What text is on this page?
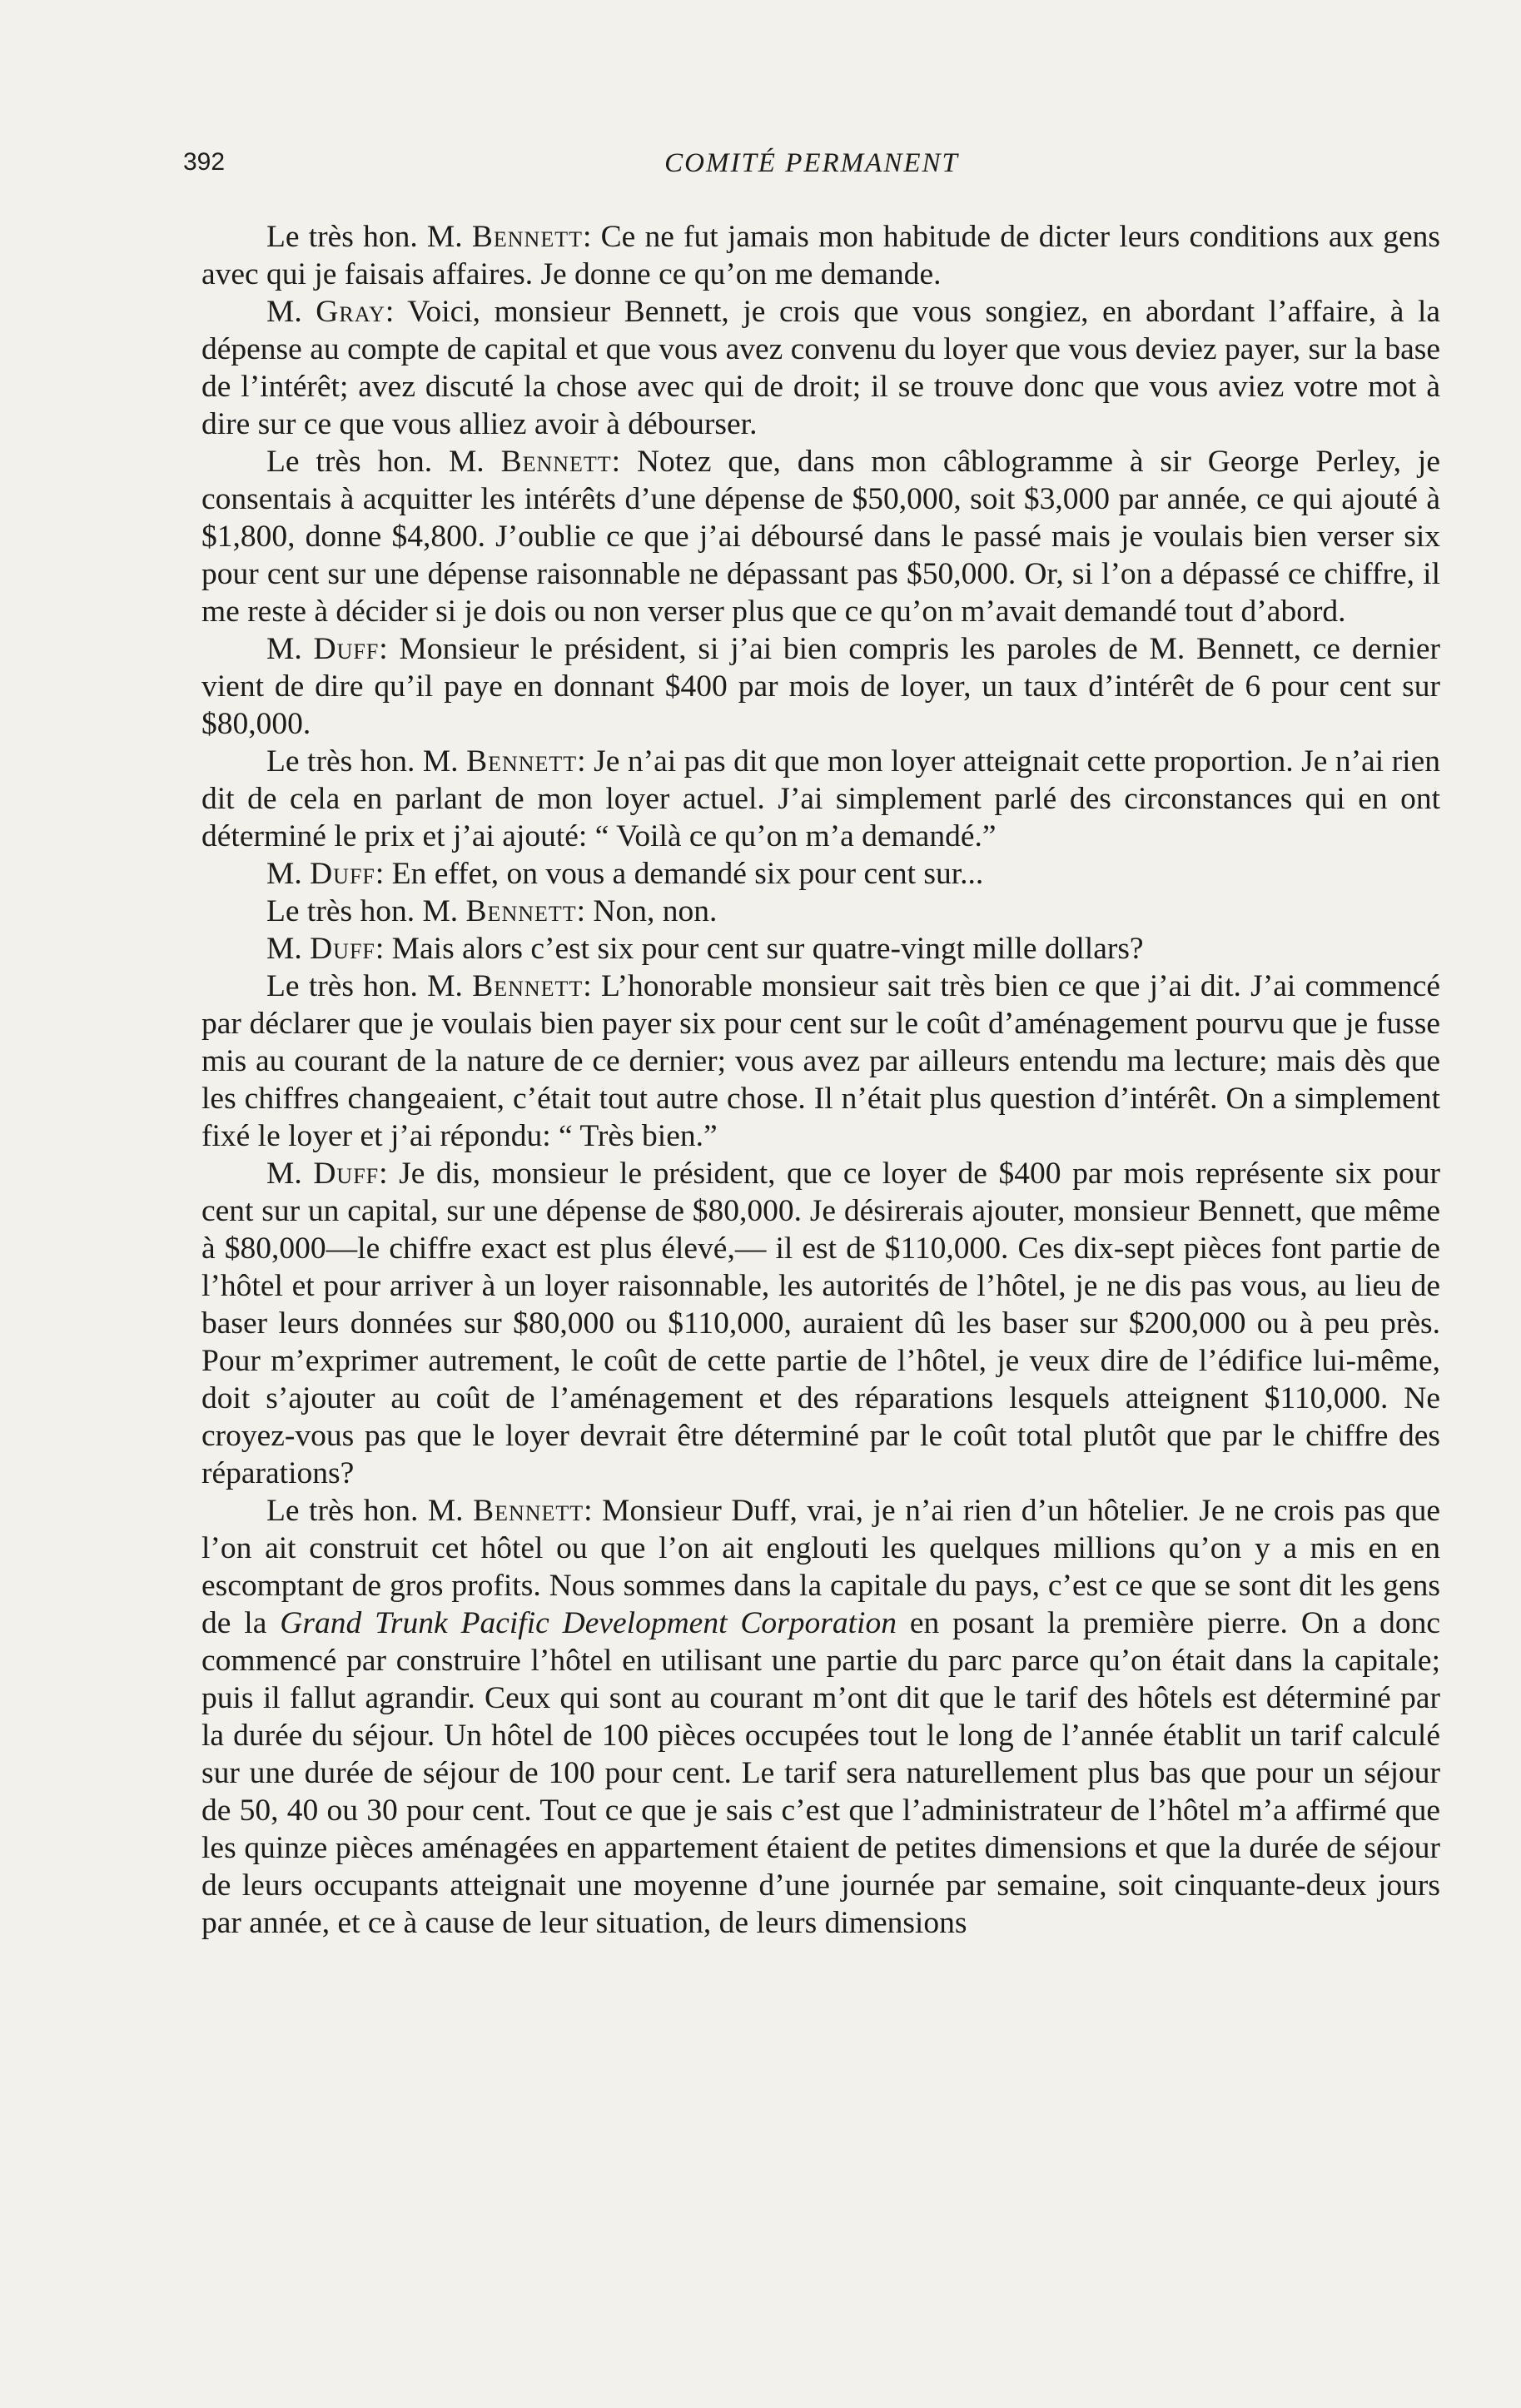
392	COMITÉ PERMANENT

Le très hon. M. Bennett: Ce ne fut jamais mon habitude de dicter leurs conditions aux gens avec qui je faisais affaires. Je donne ce qu’on me demande.

M. Gray: Voici, monsieur Bennett, je crois que vous songiez, en abordant l’affaire, à la dépense au compte de capital et que vous avez convenu du loyer que vous deviez payer, sur la base de l’intérêt; avez discuté la chose avec qui de droit; il se trouve donc que vous aviez votre mot à dire sur ce que vous alliez avoir à débourser.

Le très hon. M. Bennett: Notez que, dans mon câblogramme à sir George Perley, je consentais à acquitter les intérêts d’une dépense de $50,000, soit $3,000 par année, ce qui ajouté à $1,800, donne $4,800. J’oublie ce que j’ai déboursé dans le passé mais je voulais bien verser six pour cent sur une dépense raisonnable ne dépassant pas $50,000. Or, si l’on a dépassé ce chiffre, il me reste à décider si je dois ou non verser plus que ce qu’on m’avait demandé tout d’abord.

M. Duff: Monsieur le président, si j’ai bien compris les paroles de M. Bennett, ce dernier vient de dire qu’il paye en donnant $400 par mois de loyer, un taux d’intérêt de 6 pour cent sur $80,000.

Le très hon. M. Bennett: Je n’ai pas dit que mon loyer atteignait cette proportion. Je n’ai rien dit de cela en parlant de mon loyer actuel. J’ai simplement parlé des circonstances qui en ont déterminé le prix et j’ai ajouté: “ Voilà ce qu’on m’a demandé.”

M. Duff: En effet, on vous a demandé six pour cent sur...

Le très hon. M. Bennett: Non, non.

M. Duff: Mais alors c’est six pour cent sur quatre-vingt mille dollars?

Le très hon. M. Bennett: L’honorable monsieur sait très bien ce que j’ai dit. J’ai commencé par déclarer que je voulais bien payer six pour cent sur le coût d’aménagement pourvu que je fusse mis au courant de la nature de ce dernier; vous avez par ailleurs entendu ma lecture; mais dès que les chiffres changeaient, c’était tout autre chose. Il n’était plus question d’intérêt. On a simplement fixé le loyer et j’ai répondu: “ Très bien.”

M. Duff: Je dis, monsieur le président, que ce loyer de $400 par mois représente six pour cent sur un capital, sur une dépense de $80,000. Je désirerais ajouter, monsieur Bennett, que même à $80,000—le chiffre exact est plus élevé,— il est de $110,000. Ces dix-sept pièces font partie de l’hôtel et pour arriver à un loyer raisonnable, les autorités de l’hôtel, je ne dis pas vous, au lieu de baser leurs données sur $80,000 ou $110,000, auraient dû les baser sur $200,000 ou à peu près. Pour m’exprimer autrement, le coût de cette partie de l’hôtel, je veux dire de l’édifice lui-même, doit s’ajouter au coût de l’aménagement et des réparations lesquels atteignent $110,000. Ne croyez-vous pas que le loyer devrait être déterminé par le coût total plutôt que par le chiffre des réparations?

Le très hon. M. Bennett: Monsieur Duff, vrai, je n’ai rien d’un hôtelier. Je ne crois pas que l’on ait construit cet hôtel ou que l’on ait englouti les quelques millions qu’on y a mis en en escomptant de gros profits. Nous sommes dans la capitale du pays, c’est ce que se sont dit les gens de la Grand Trunk Pacific Development Corporation en posant la première pierre. On a donc commencé par construire l’hôtel en utilisant une partie du parc parce qu’on était dans la capitale; puis il fallut agrandir. Ceux qui sont au courant m’ont dit que le tarif des hôtels est déterminé par la durée du séjour. Un hôtel de 100 pièces occupées tout le long de l’année établit un tarif calculé sur une durée de séjour de 100 pour cent. Le tarif sera naturellement plus bas que pour un séjour de 50, 40 ou 30 pour cent. Tout ce que je sais c’est que l’administrateur de l’hôtel m’a affirmé que les quinze pièces aménagées en appartement étaient de petites dimensions et que la durée de séjour de leurs occupants atteignait une moyenne d’une journée par semaine, soit cinquante-deux jours par année, et ce à cause de leur situation, de leurs dimensions
